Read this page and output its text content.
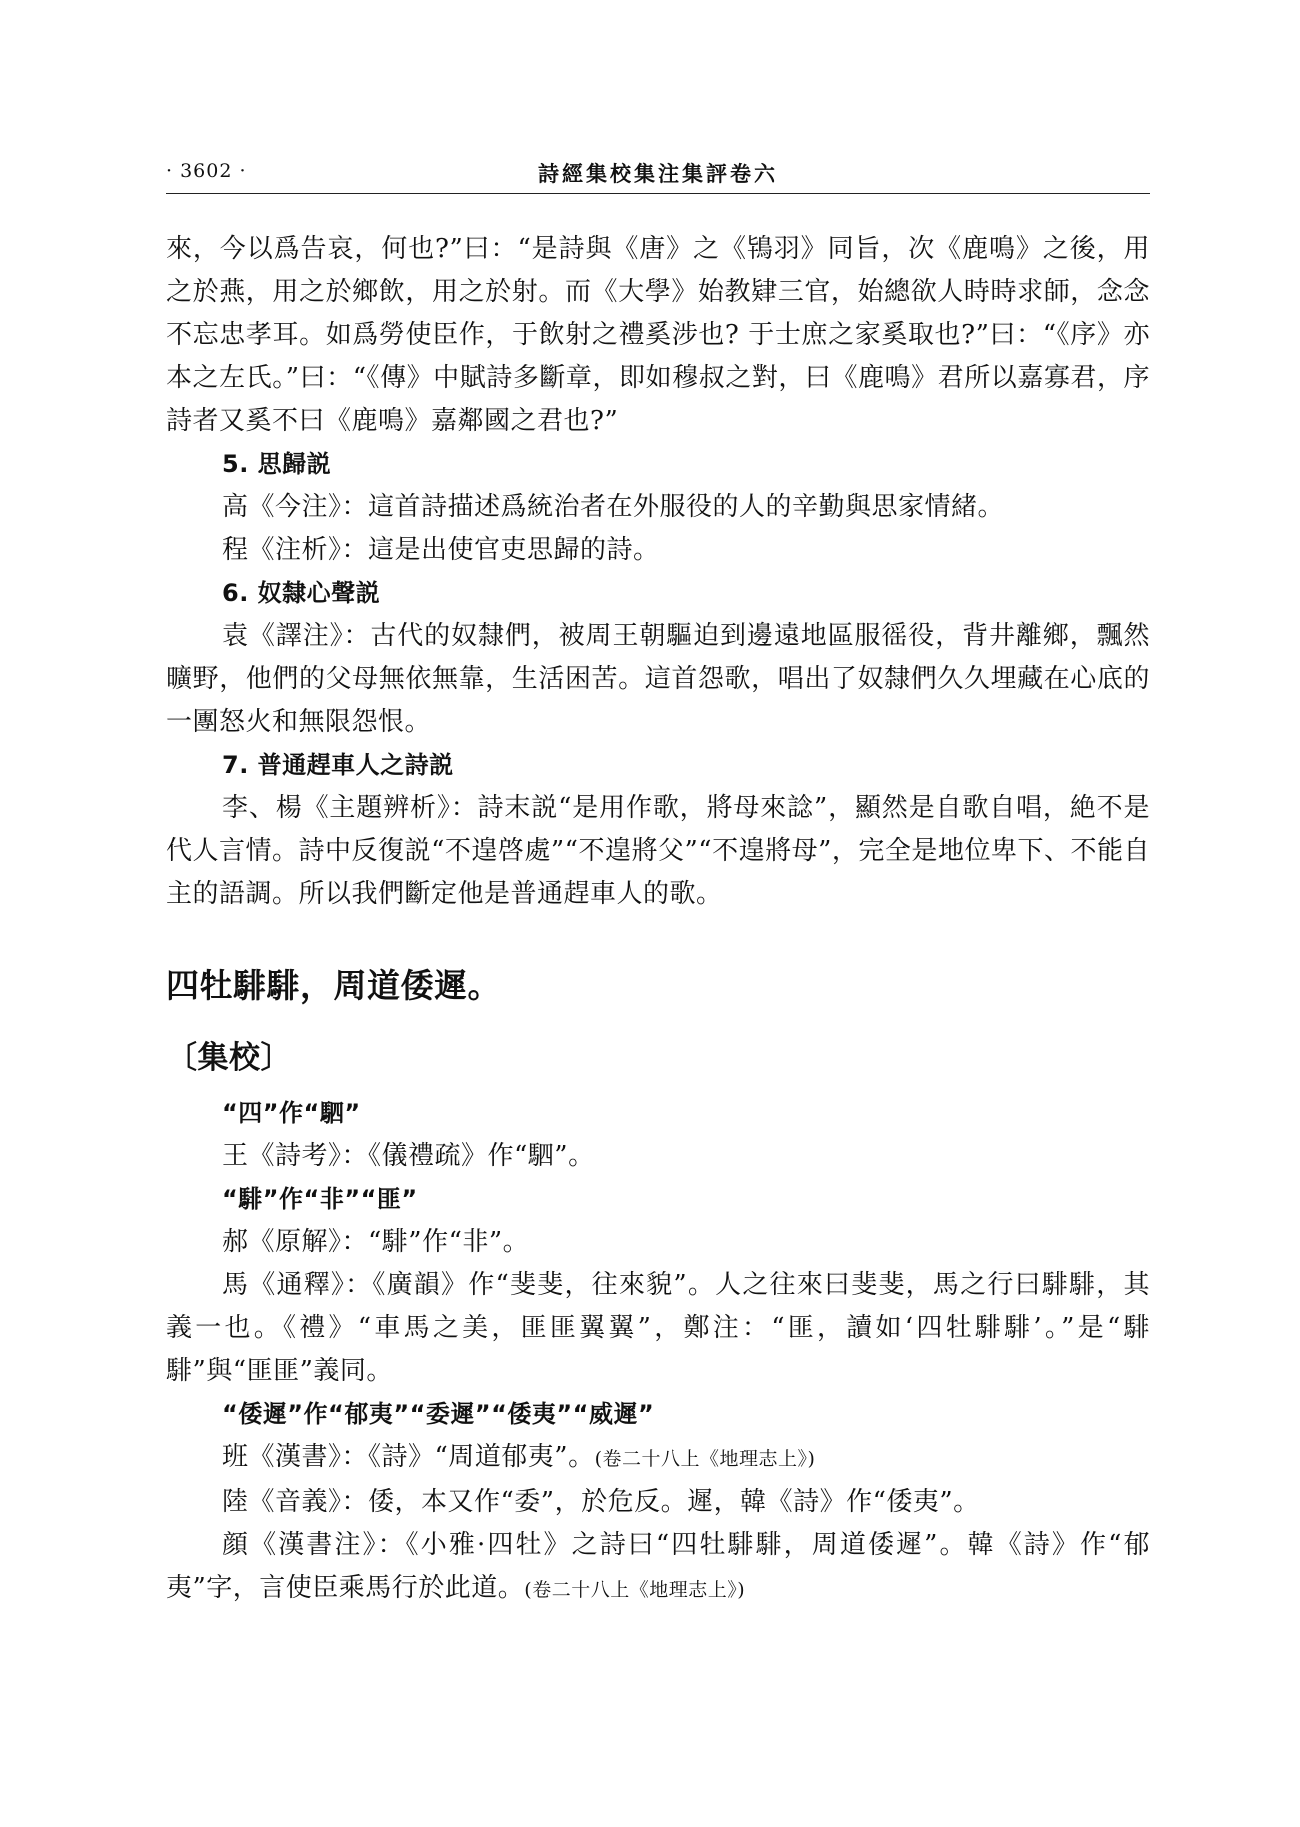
· 3602 ·	詩經集校集注集評卷六

來，今以爲告哀，何也?”曰：“是詩與《唐》之《鴇羽》同旨，次《鹿鳴》之後，用之於燕，用之於鄉飲，用之於射。而《大學》始教肄三官，始總欲人時時求師，念念不忘忠孝耳。如爲勞使臣作，于飲射之禮奚涉也? 于士庶之家奚取也?”曰：“《序》亦本之左氏。”曰：“《傳》中賦詩多斷章，即如穆叔之對，曰《鹿鳴》君所以嘉寡君，序詩者又奚不曰《鹿鳴》嘉鄰國之君也?”

5. 思歸説

高《今注》：這首詩描述爲統治者在外服役的人的辛勤與思家情緒。

程《注析》：這是出使官吏思歸的詩。

6. 奴隸心聲説

袁《譯注》：古代的奴隸們，被周王朝驅迫到邊遠地區服徭役，背井離鄉，飄然曠野，他們的父母無依無靠，生活困苦。這首怨歌，唱出了奴隸們久久埋藏在心底的一團怒火和無限怨恨。

7. 普通趕車人之詩説

李、楊《主題辨析》：詩末説“是用作歌，將母來諗”，顯然是自歌自唱，絶不是代人言情。詩中反復説“不遑啓處”“不遑將父”“不遑將母”，完全是地位卑下、不能自主的語調。所以我們斷定他是普通趕車人的歌。

四牡騑騑，周道倭遲。
〔集校〕

“四”作“駟”

王《詩考》：《儀禮疏》作“駟”。

“騑”作“非”“匪”

郝《原解》：“騑”作“非”。

馬《通釋》：《廣韻》作“斐斐，往來貌”。人之往來曰斐斐，馬之行曰騑騑，其義一也。《禮》“車馬之美，匪匪翼翼”，鄭注：“匪，讀如‘四牡騑騑’。”是“騑騑”與“匪匪”義同。

“倭遲”作“郁夷”“委遲”“倭夷”“威遲”

班《漢書》：《詩》“周道郁夷”。(卷二十八上《地理志上》)

陸《音義》：倭，本又作“委”，於危反。遲，韓《詩》作“倭夷”。

顔《漢書注》：《小雅·四牡》之詩曰“四牡騑騑，周道倭遲”。韓《詩》作“郁夷”字，言使臣乘馬行於此道。(卷二十八上《地理志上》)
